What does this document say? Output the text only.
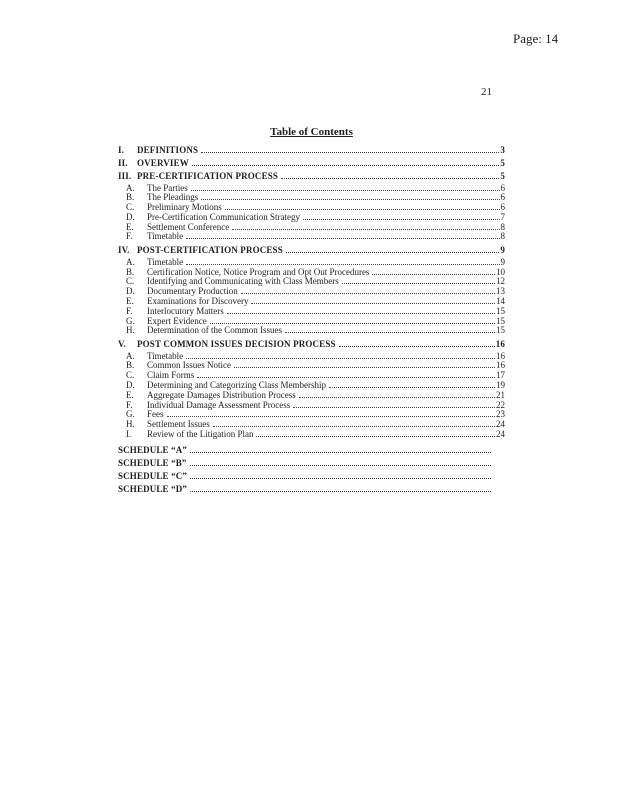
Page: 14
21
Table of Contents
I.	DEFINITIONS	3
II.	OVERVIEW	5
III. PRE-CERTIFICATION PROCESS	5
A.	The Parties	6
B.	The Pleadings	6
C.	Preliminary Motions	6
D.	Pre-Certification Communication Strategy	7
E.	Settlement Conference	8
F.	Timetable	8
IV. POST-CERTIFICATION PROCESS	9
A.	Timetable	9
B.	Certification Notice, Notice Program and Opt Out Procedures	10
C.	Identifying and Communicating with Class Members	12
D.	Documentary Production	13
E.	Examinations for Discovery	14
F.	Interlocutory Matters	15
G.	Expert Evidence	15
H.	Determination of the Common Issues	15
V.	POST COMMON ISSUES DECISION PROCESS	16
A.	Timetable	16
B.	Common Issues Notice	16
C.	Claim Forms	17
D.	Determining and Categorizing Class Membership	19
E.	Aggregate Damages Distribution Process	21
F.	Individual Damage Assessment Process	22
G.	Fees	23
H.	Settlement Issues	24
I.	Review of the Litigation Plan	24
SCHEDULE “A”
SCHEDULE “B”
SCHEDULE “C”
SCHEDULE “D”
